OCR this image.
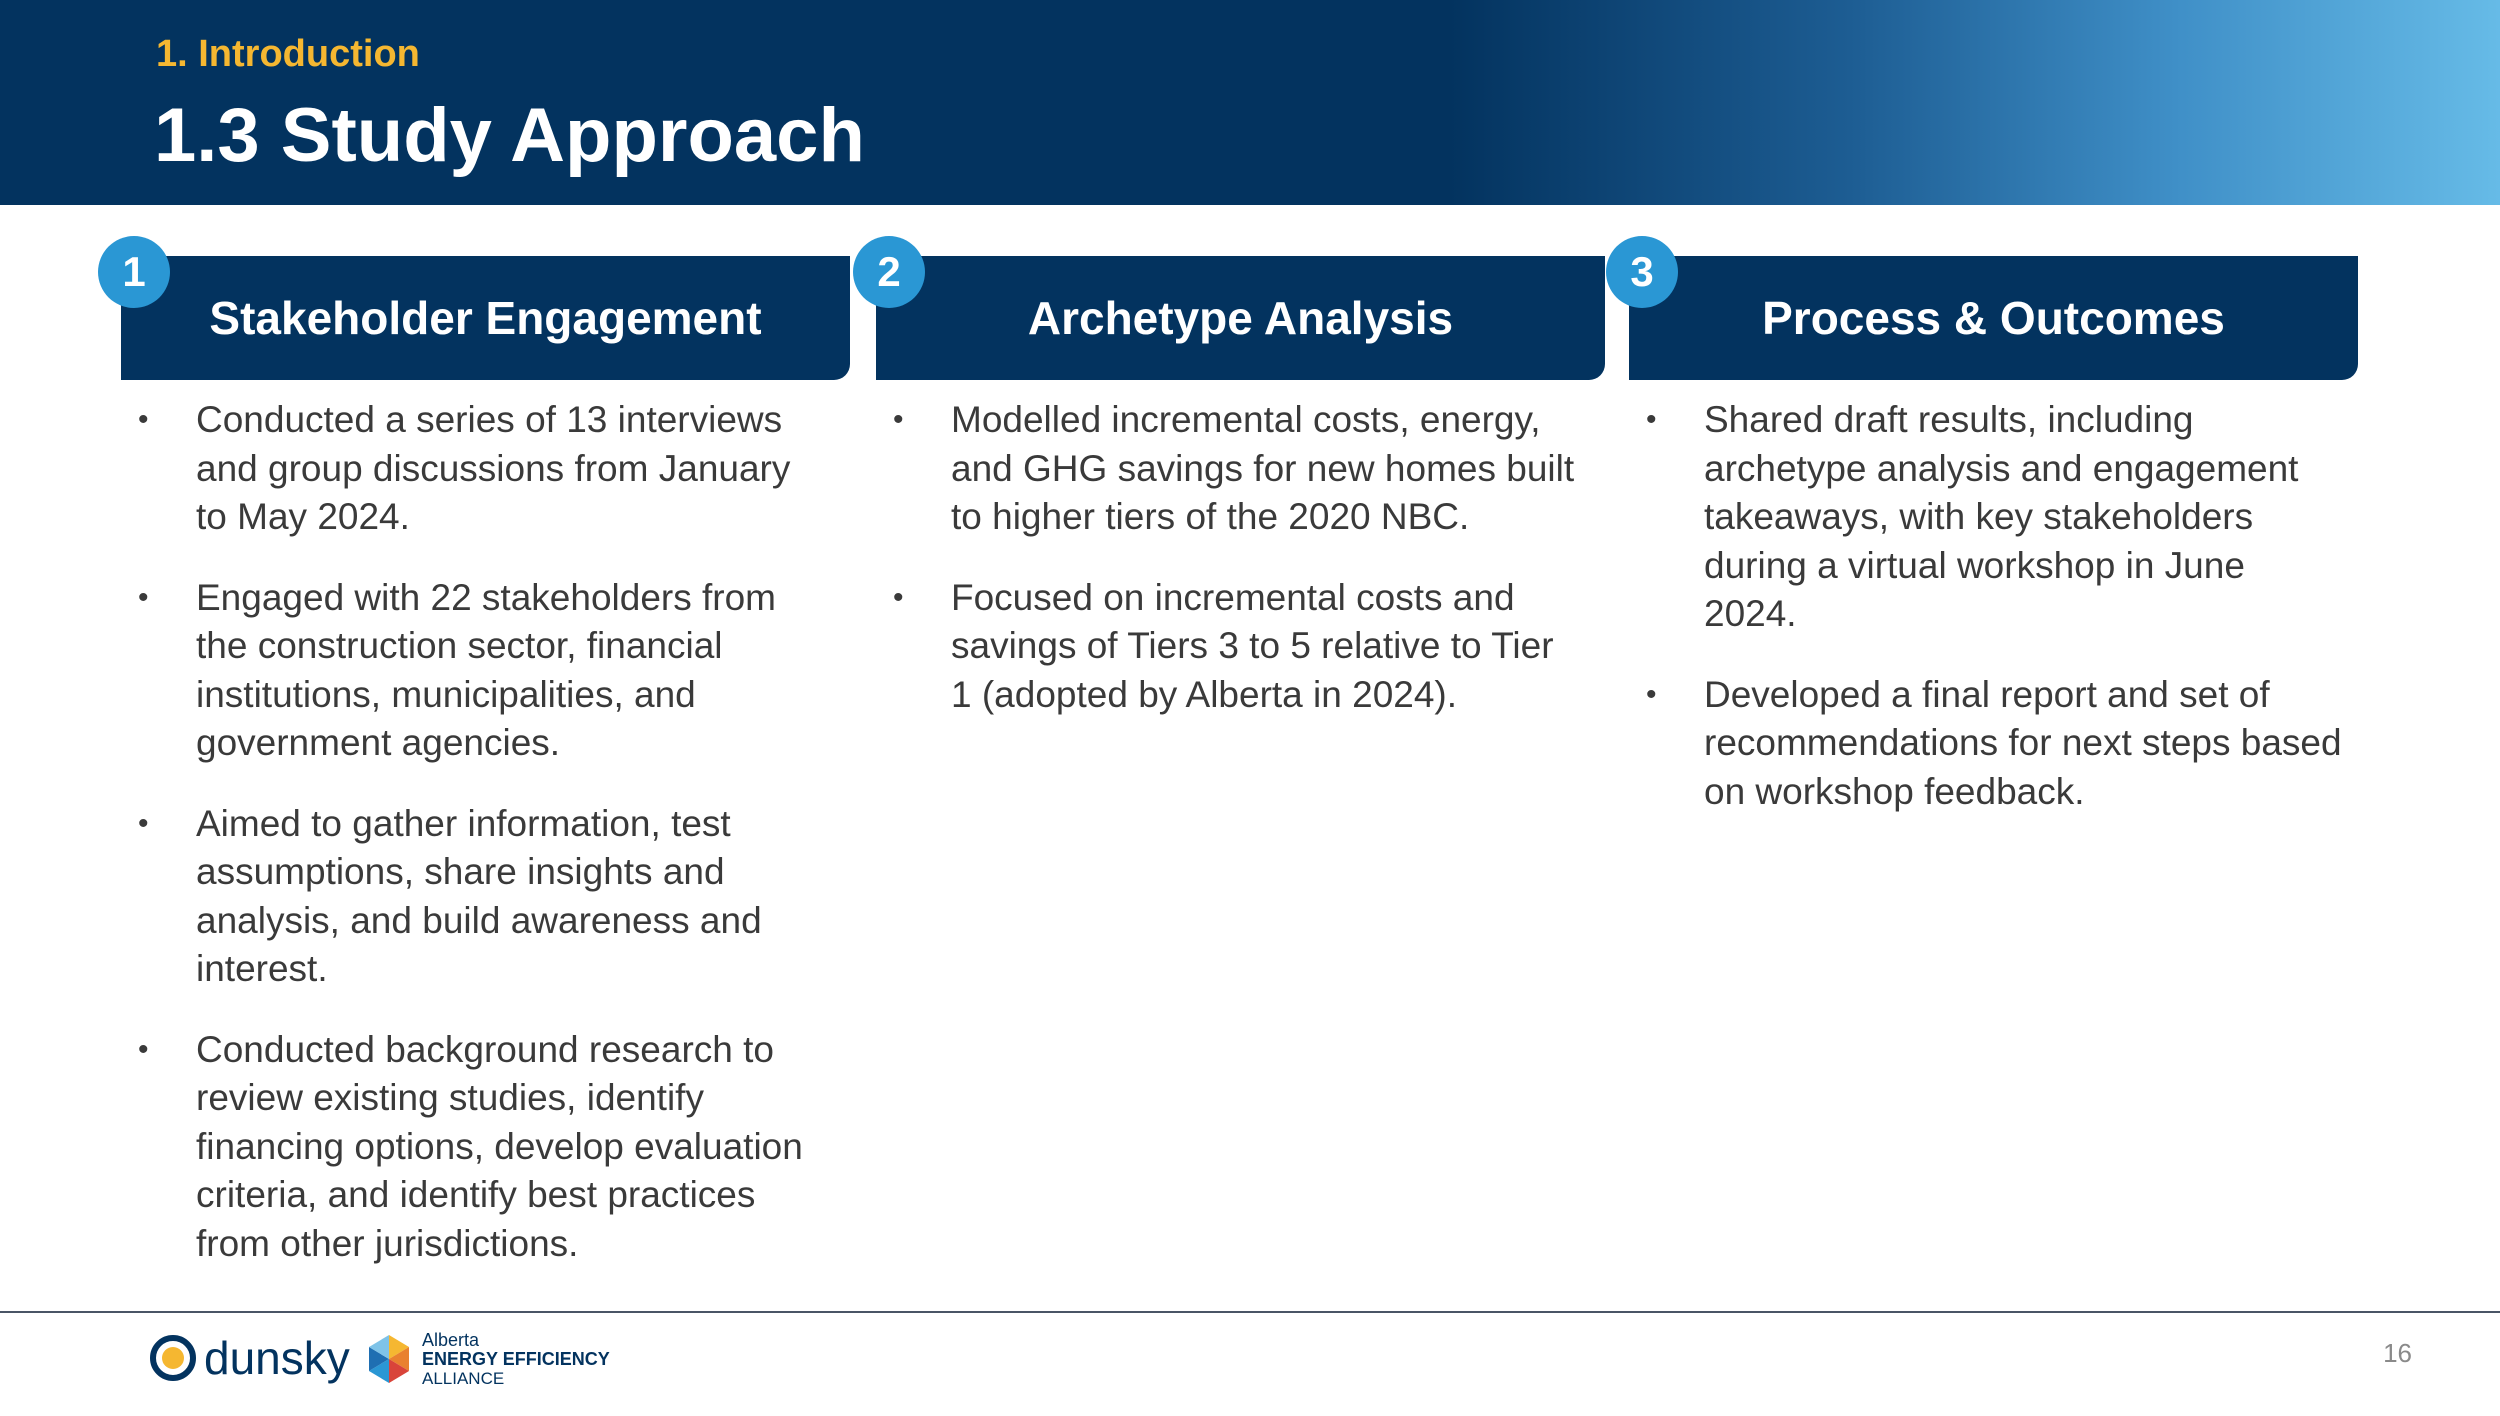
1. Introduction
1.3 Study Approach
Stakeholder Engagement
1
• Conducted a series of 13 interviews and group discussions from January to May 2024.
• Engaged with 22 stakeholders from the construction sector, financial institutions, municipalities, and government agencies.
• Aimed to gather information, test assumptions, share insights and analysis, and build awareness and interest.
• Conducted background research to review existing studies, identify financing options, develop evaluation criteria, and identify best practices from other jurisdictions.
Archetype Analysis
2
• Modelled incremental costs, energy, and GHG savings for new homes built to higher tiers of the 2020 NBC.
• Focused on incremental costs and savings of Tiers 3 to 5 relative to Tier 1 (adopted by Alberta in 2024).
Process & Outcomes
3
• Shared draft results, including archetype analysis and engagement takeaways, with key stakeholders during a virtual workshop in June 2024.
• Developed a final report and set of recommendations for next steps based on workshop feedback.
dunsky	Alberta
ENERGY EFFICIENCY
ALLIANCE
16
